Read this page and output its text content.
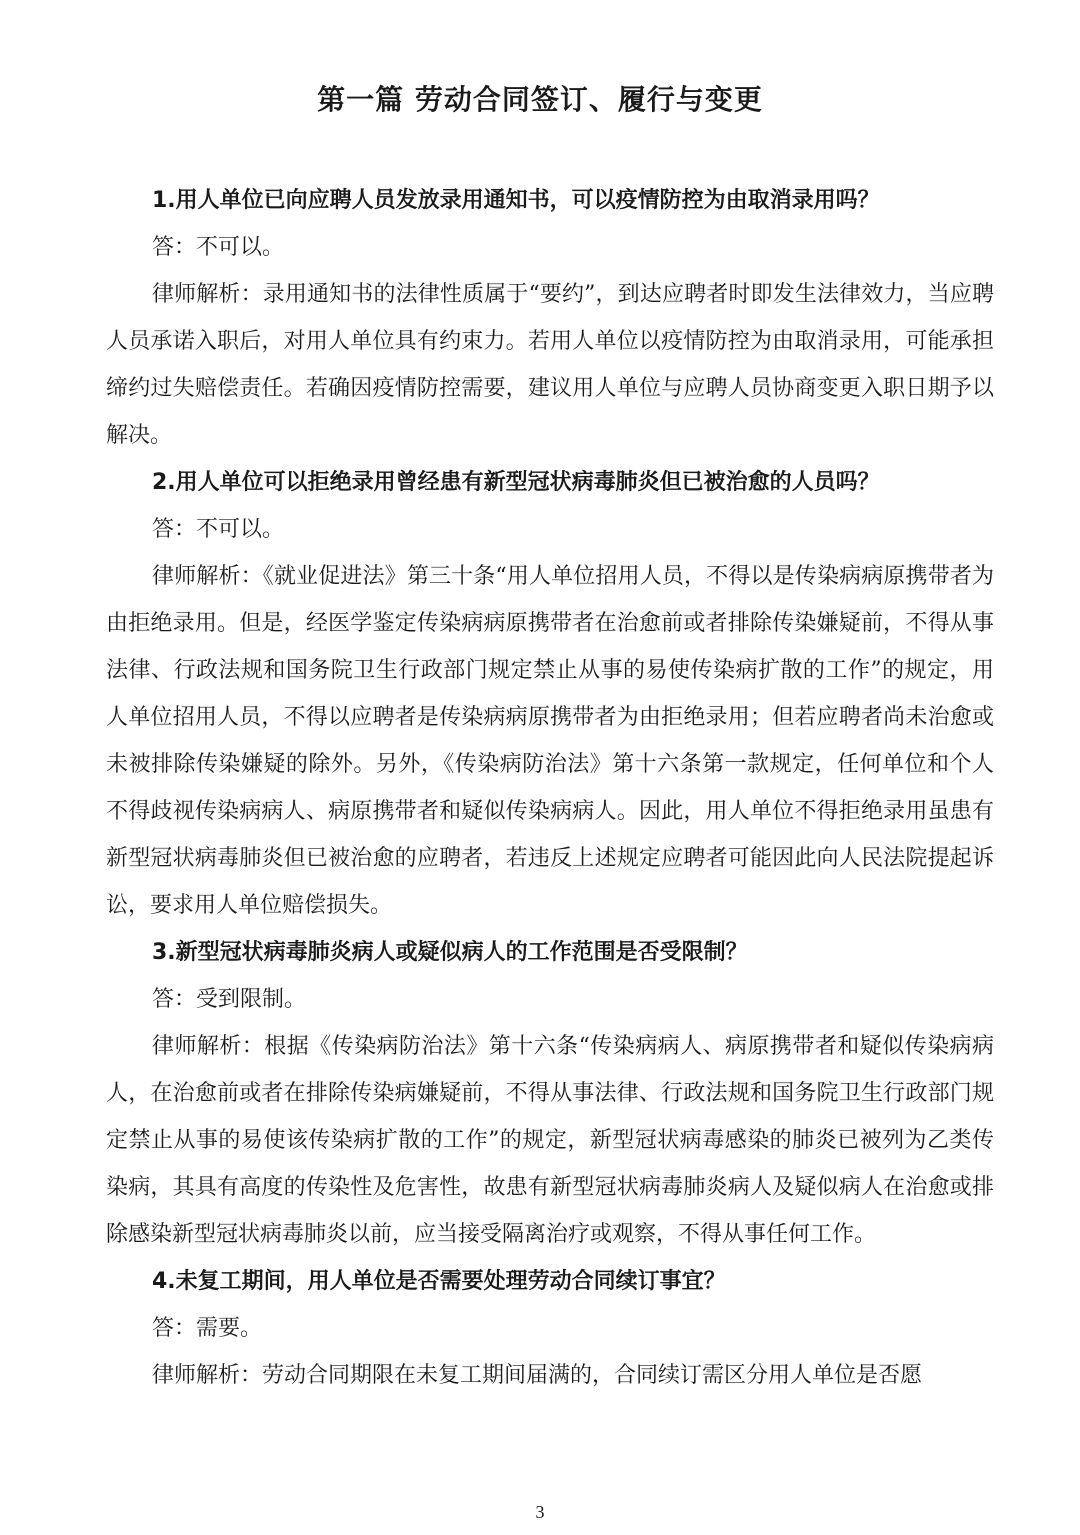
第一篇 劳动合同签订、履行与变更

1.用人单位已向应聘人员发放录用通知书，可以疫情防控为由取消录用吗？

答：不可以。

律师解析：录用通知书的法律性质属于“要约”，到达应聘者时即发生法律效力，当应聘人员承诺入职后，对用人单位具有约束力。若用人单位以疫情防控为由取消录用，可能承担缔约过失赔偿责任。若确因疫情防控需要，建议用人单位与应聘人员协商变更入职日期予以解决。

2.用人单位可以拒绝录用曾经患有新型冠状病毒肺炎但已被治愈的人员吗？

答：不可以。

律师解析：《就业促进法》第三十条“用人单位招用人员，不得以是传染病病原携带者为由拒绝录用。但是，经医学鉴定传染病病原携带者在治愈前或者排除传染嫌疑前，不得从事法律、行政法规和国务院卫生行政部门规定禁止从事的易使传染病扩散的工作”的规定，用人单位招用人员，不得以应聘者是传染病病原携带者为由拒绝录用；但若应聘者尚未治愈或未被排除传染嫌疑的除外。另外，《传染病防治法》第十六条第一款规定，任何单位和个人不得歧视传染病病人、病原携带者和疑似传染病病人。因此，用人单位不得拒绝录用虽患有新型冠状病毒肺炎但已被治愈的应聘者，若违反上述规定应聘者可能因此向人民法院提起诉讼，要求用人单位赔偿损失。

3.新型冠状病毒肺炎病人或疑似病人的工作范围是否受限制？

答：受到限制。

律师解析：根据《传染病防治法》第十六条“传染病病人、病原携带者和疑似传染病病人，在治愈前或者在排除传染病嫌疑前，不得从事法律、行政法规和国务院卫生行政部门规定禁止从事的易使该传染病扩散的工作”的规定，新型冠状病毒感染的肺炎已被列为乙类传染病，其具有高度的传染性及危害性，故患有新型冠状病毒肺炎病人及疑似病人在治愈或排除感染新型冠状病毒肺炎以前，应当接受隔离治疗或观察，不得从事任何工作。

4.未复工期间，用人单位是否需要处理劳动合同续订事宜？

答：需要。

律师解析：劳动合同期限在未复工期间届满的，合同续订需区分用人单位是否愿

3
